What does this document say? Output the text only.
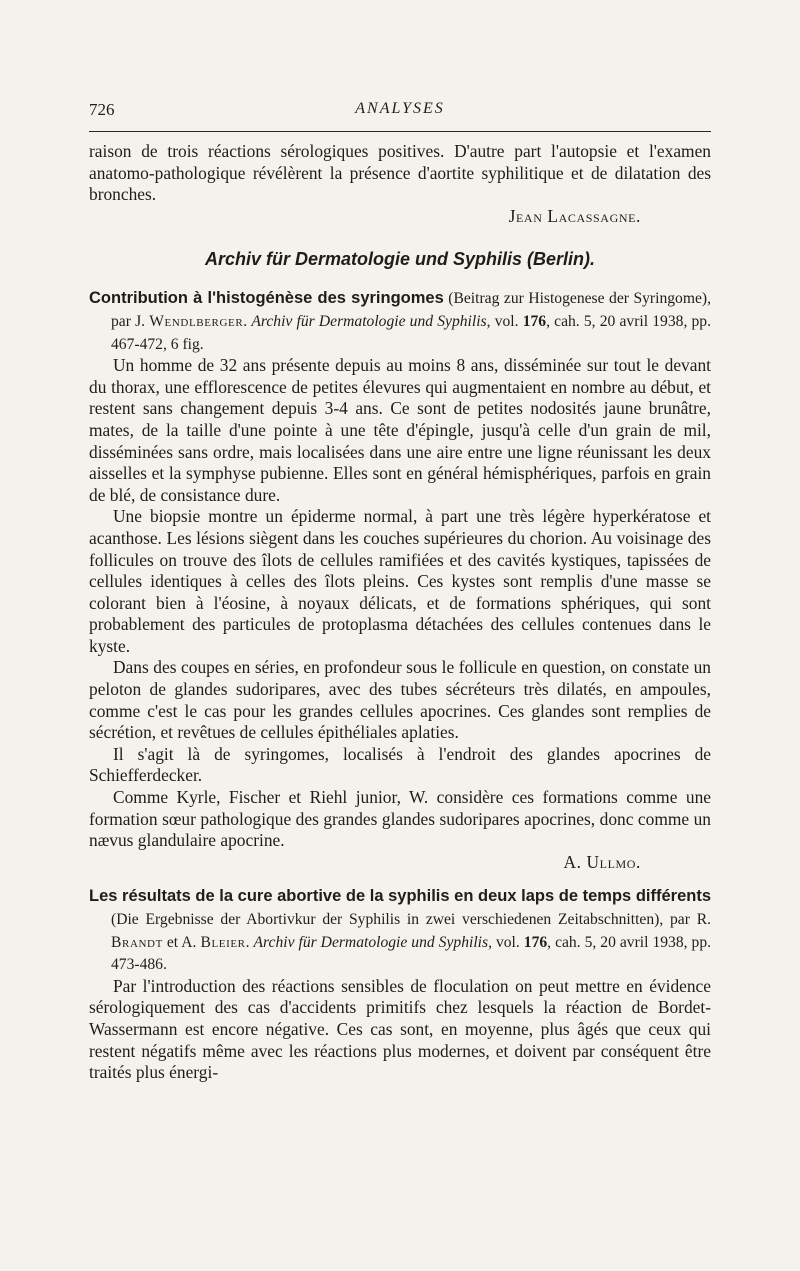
726	ANALYSES

raison de trois réactions sérologiques positives. D'autre part l'autopsie et l'examen anatomo-pathologique révélèrent la présence d'aortite syphilitique et de dilatation des bronches.

Jean Lacassagne.

Archiv für Dermatologie und Syphilis (Berlin).

Contribution à l'histogénèse des syringomes (Beitrag zur Histogenese der Syringome), par J. Wendlberger. Archiv für Dermatologie und Syphilis, vol. 176, cah. 5, 20 avril 1938, pp. 467-472, 6 fig.

Un homme de 32 ans présente depuis au moins 8 ans, disséminée sur tout le devant du thorax, une efflorescence de petites élevures qui augmentaient en nombre au début, et restent sans changement depuis 3-4 ans. Ce sont de petites nodosités jaune brunâtre, mates, de la taille d'une pointe à une tête d'épingle, jusqu'à celle d'un grain de mil, disséminées sans ordre, mais localisées dans une aire entre une ligne réunissant les deux aisselles et la symphyse pubienne. Elles sont en général hémisphériques, parfois en grain de blé, de consistance dure.

Une biopsie montre un épiderme normal, à part une très légère hyperkératose et acanthose. Les lésions siègent dans les couches supérieures du chorion. Au voisinage des follicules on trouve des îlots de cellules ramifiées et des cavités kystiques, tapissées de cellules identiques à celles des îlots pleins. Ces kystes sont remplis d'une masse se colorant bien à l'éosine, à noyaux délicats, et de formations sphériques, qui sont probablement des particules de protoplasma détachées des cellules contenues dans le kyste.

Dans des coupes en séries, en profondeur sous le follicule en question, on constate un peloton de glandes sudoripares, avec des tubes sécréteurs très dilatés, en ampoules, comme c'est le cas pour les grandes cellules apocrines. Ces glandes sont remplies de sécrétion, et revêtues de cellules épithéliales aplaties.

Il s'agit là de syringomes, localisés à l'endroit des glandes apocrines de Schiefferdecker.

Comme Kyrle, Fischer et Riehl junior, W. considère ces formations comme une formation sœur pathologique des grandes glandes sudoripares apocrines, donc comme un nævus glandulaire apocrine.

A. Ullmo.

Les résultats de la cure abortive de la syphilis en deux laps de temps différents (Die Ergebnisse der Abortivkur der Syphilis in zwei verschiedenen Zeitabschnitten), par R. Brandt et A. Bleier. Archiv für Dermatologie und Syphilis, vol. 176, cah. 5, 20 avril 1938, pp. 473-486.

Par l'introduction des réactions sensibles de floculation on peut mettre en évidence sérologiquement des cas d'accidents primitifs chez lesquels la réaction de Bordet-Wassermann est encore négative. Ces cas sont, en moyenne, plus âgés que ceux qui restent négatifs même avec les réactions plus modernes, et doivent par conséquent être traités plus énergi-
